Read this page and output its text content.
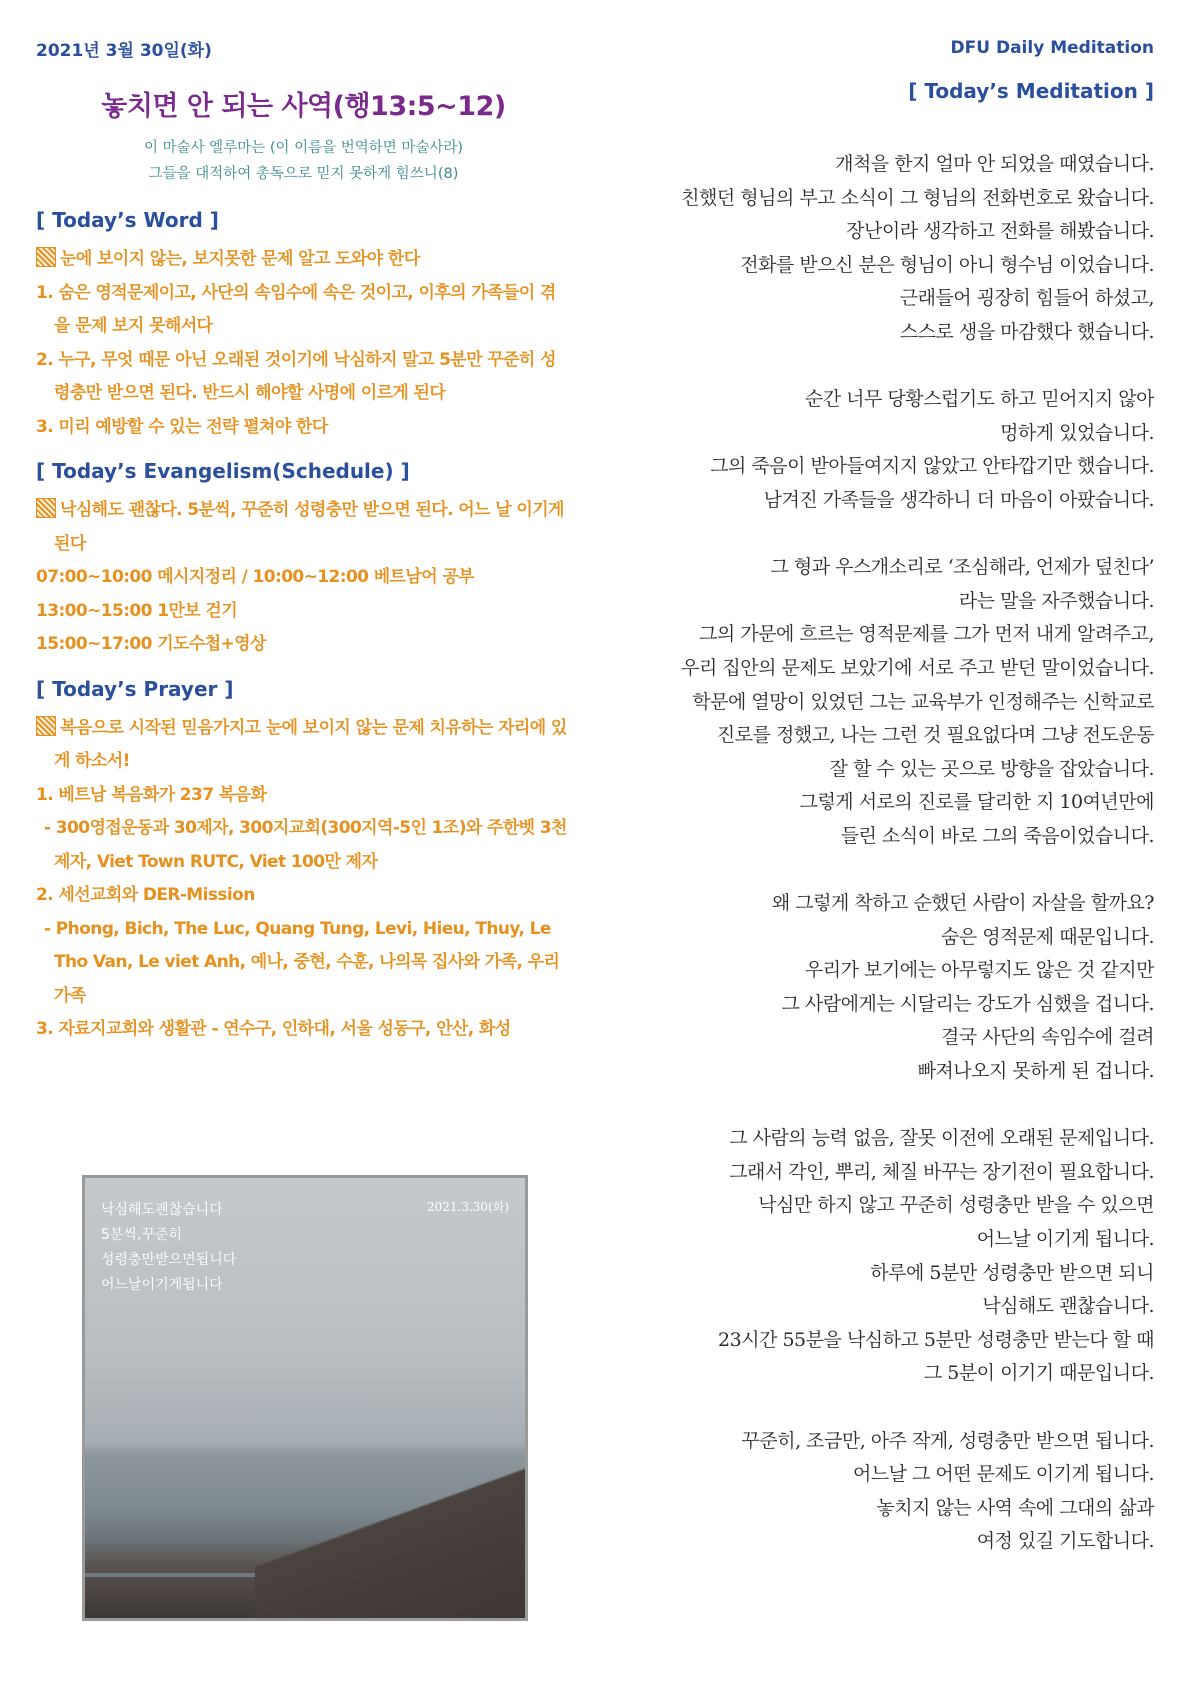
2021년 3월 30일(화)	DFU Daily Meditation
놓치면 안 되는 사역(행13:5~12)
이 마술사 엘루마는 (이 이름을 번역하면 마술사라)
그들을 대적하여 총독으로 믿지 못하게 힘쓰니(8)
[ Today’s Word ]
눈에 보이지 않는, 보지못한 문제 알고 도와야 한다
1. 숨은 영적문제이고, 사단의 속임수에 속은 것이고, 이후의 가족들이 겪을 문제 보지 못해서다
2. 누구, 무엇 때문 아닌 오래된 것이기에 낙심하지 말고 5분만 꾸준히 성령충만 받으면 된다. 반드시 해야할 사명에 이르게 된다
3. 미리 예방할 수 있는 전략 펼쳐야 한다
[ Today’s Evangelism(Schedule) ]
낙심해도 괜찮다. 5분씩, 꾸준히 성령충만 받으면 된다. 어느 날 이기게 된다
07:00~10:00 메시지정리 / 10:00~12:00 베트남어 공부
13:00~15:00 1만보 걷기
15:00~17:00 기도수첩+영상
[ Today’s Prayer ]
복음으로 시작된 믿음가지고 눈에 보이지 않는 문제 치유하는 자리에 있게 하소서!
1. 베트남 복음화가 237 복음화
- 300영접운동과 30제자, 300지교회(300지역-5인 1조)와 주한벳 3천제자, Viet Town RUTC, Viet 100만 제자
2. 세선교회와 DER-Mission
- Phong, Bich, The Luc, Quang Tung, Levi, Hieu, Thuy, Le Tho Van, Le viet Anh, 예나, 중현, 수훈, 나의목 집사와 가족, 우리 가족
3. 자료지교회와 생활관 - 연수구, 인하대, 서울 성동구, 안산, 화성
낙심해도괜찮습니다
5분씩,꾸준히
성령충만받으면됩니다
어느날이기게됩니다
2021.3.30(화)
[ Today’s Meditation ]
개척을 한지 얼마 안 되었을 때였습니다.
친했던 형님의 부고 소식이 그 형님의 전화번호로 왔습니다.
장난이라 생각하고 전화를 해봤습니다.
전화를 받으신 분은 형님이 아니 형수님 이었습니다.
근래들어 굉장히 힘들어 하셨고,
스스로 생을 마감했다 했습니다.
순간 너무 당황스럽기도 하고 믿어지지 않아
멍하게 있었습니다.
그의 죽음이 받아들여지지 않았고 안타깝기만 했습니다.
남겨진 가족들을 생각하니 더 마음이 아팠습니다.
그 형과 우스개소리로 ‘조심해라, 언제가 덮친다’
라는 말을 자주했습니다.
그의 가문에 흐르는 영적문제를 그가 먼저 내게 알려주고,
우리 집안의 문제도 보았기에 서로 주고 받던 말이었습니다.
학문에 열망이 있었던 그는 교육부가 인정해주는 신학교로
진로를 정했고, 나는 그런 것 필요없다며 그냥 전도운동
잘 할 수 있는 곳으로 방향을 잡았습니다.
그렇게 서로의 진로를 달리한 지 10여년만에
들린 소식이 바로 그의 죽음이었습니다.
왜 그렇게 착하고 순했던 사람이 자살을 할까요?
숨은 영적문제 때문입니다.
우리가 보기에는 아무렇지도 않은 것 같지만
그 사람에게는 시달리는 강도가 심했을 겁니다.
결국 사단의 속임수에 걸려
빠져나오지 못하게 된 겁니다.
그 사람의 능력 없음, 잘못 이전에 오래된 문제입니다.
그래서 각인, 뿌리, 체질 바꾸는 장기전이 필요합니다.
낙심만 하지 않고 꾸준히 성령충만 받을 수 있으면
어느날 이기게 됩니다.
하루에 5분만 성령충만 받으면 되니
낙심해도 괜찮습니다.
23시간 55분을 낙심하고 5분만 성령충만 받는다 할 때
그 5분이 이기기 때문입니다.
꾸준히, 조금만, 아주 작게, 성령충만 받으면 됩니다.
어느날 그 어떤 문제도 이기게 됩니다.
놓치지 않는 사역 속에 그대의 삶과
여정 있길 기도합니다.
